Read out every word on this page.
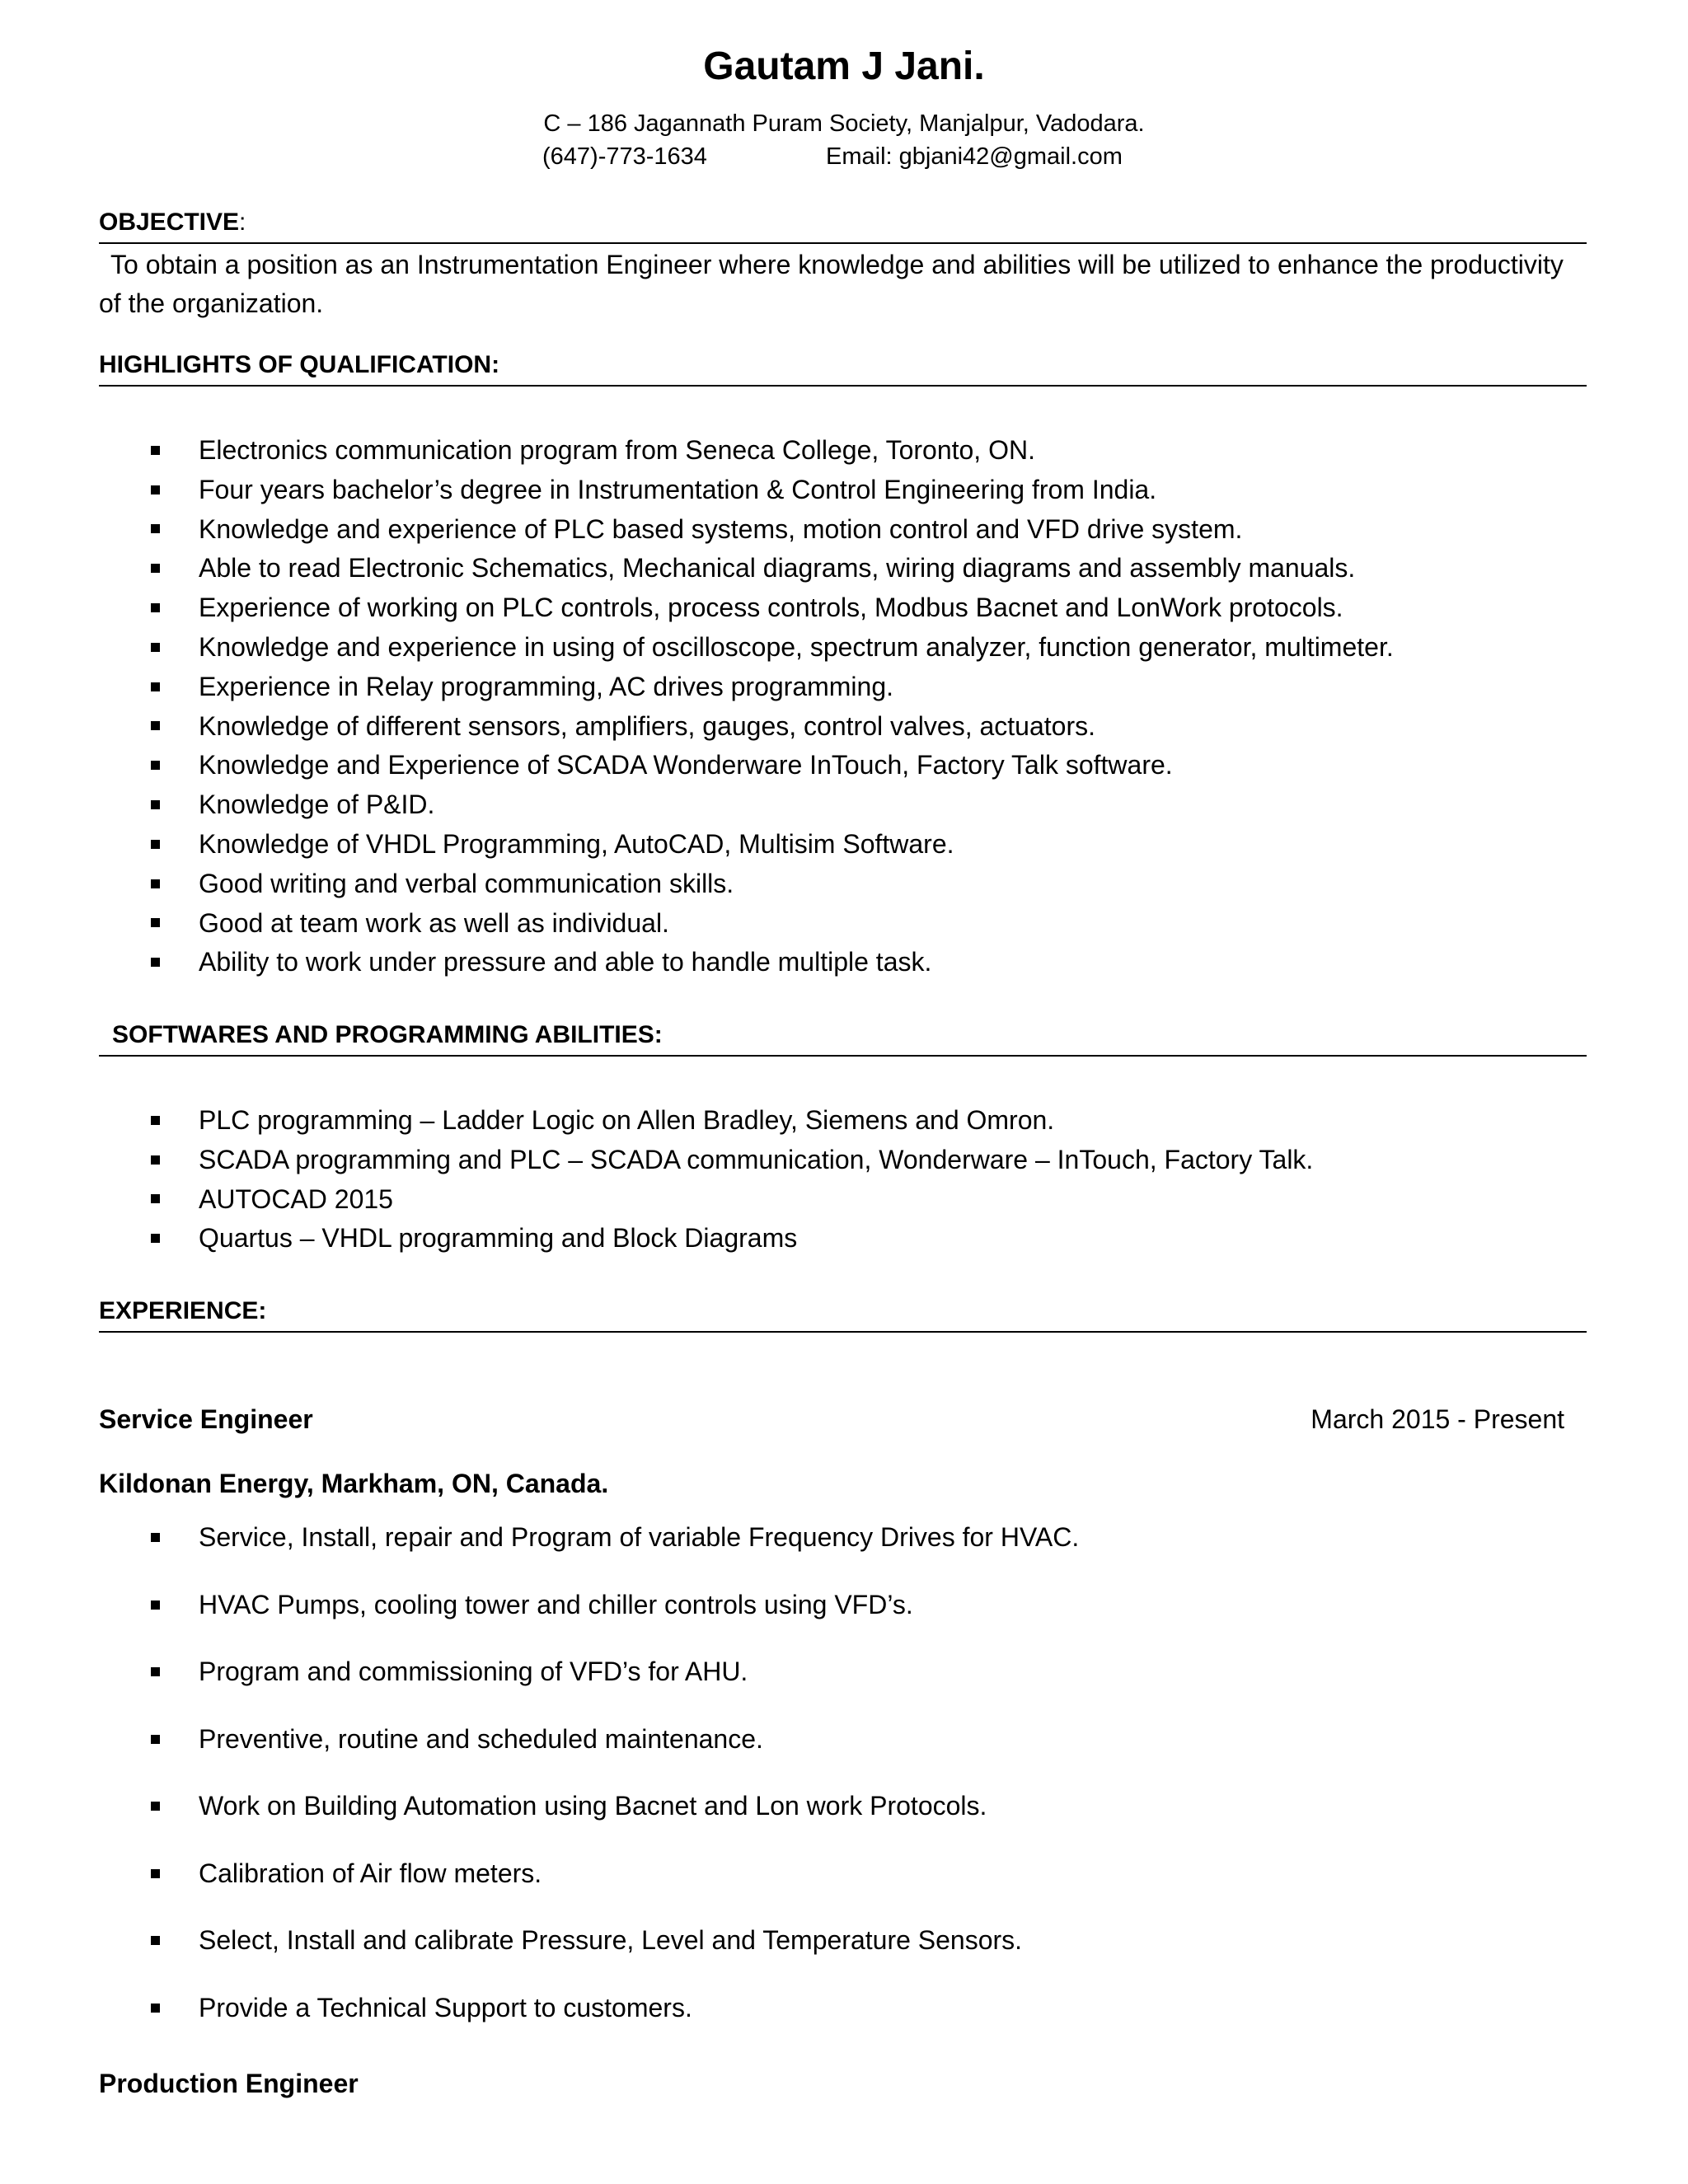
Gautam J Jani.
C – 186 Jagannath Puram Society, Manjalpur, Vadodara.
(647)-773-1634	Email: gbjani42@gmail.com
OBJECTIVE:
To obtain a position as an Instrumentation Engineer where knowledge and abilities will be utilized to enhance the productivity of the organization.
HIGHLIGHTS OF QUALIFICATION:
Electronics communication program from Seneca College, Toronto, ON.
Four years bachelor’s degree in Instrumentation & Control Engineering from India.
Knowledge and experience of PLC based systems, motion control and VFD drive system.
Able to read Electronic Schematics, Mechanical diagrams, wiring diagrams and assembly manuals.
Experience of working on PLC controls, process controls, Modbus Bacnet and LonWork protocols.
Knowledge and experience in using of oscilloscope, spectrum analyzer, function generator, multimeter.
Experience in Relay programming, AC drives programming.
Knowledge of different sensors, amplifiers, gauges, control valves, actuators.
Knowledge and Experience of SCADA Wonderware InTouch, Factory Talk software.
Knowledge of P&ID.
Knowledge of VHDL Programming, AutoCAD, Multisim Software.
Good writing and verbal communication skills.
Good at team work as well as individual.
Ability to work under pressure and able to handle multiple task.
SOFTWARES AND PROGRAMMING ABILITIES:
PLC programming – Ladder Logic on Allen Bradley, Siemens and Omron.
SCADA programming and PLC – SCADA communication, Wonderware – InTouch, Factory Talk.
AUTOCAD 2015
Quartus – VHDL programming and Block Diagrams
EXPERIENCE:
Service Engineer	March 2015 - Present
Kildonan Energy, Markham, ON, Canada.
Service, Install, repair and Program of variable Frequency Drives for HVAC.
HVAC Pumps, cooling tower and chiller controls using VFD’s.
Program and commissioning of VFD’s for AHU.
Preventive, routine and scheduled maintenance.
Work on Building Automation using Bacnet and Lon work Protocols.
Calibration of Air flow meters.
Select, Install and calibrate Pressure, Level and Temperature Sensors.
Provide a Technical Support to customers.
Production Engineer
